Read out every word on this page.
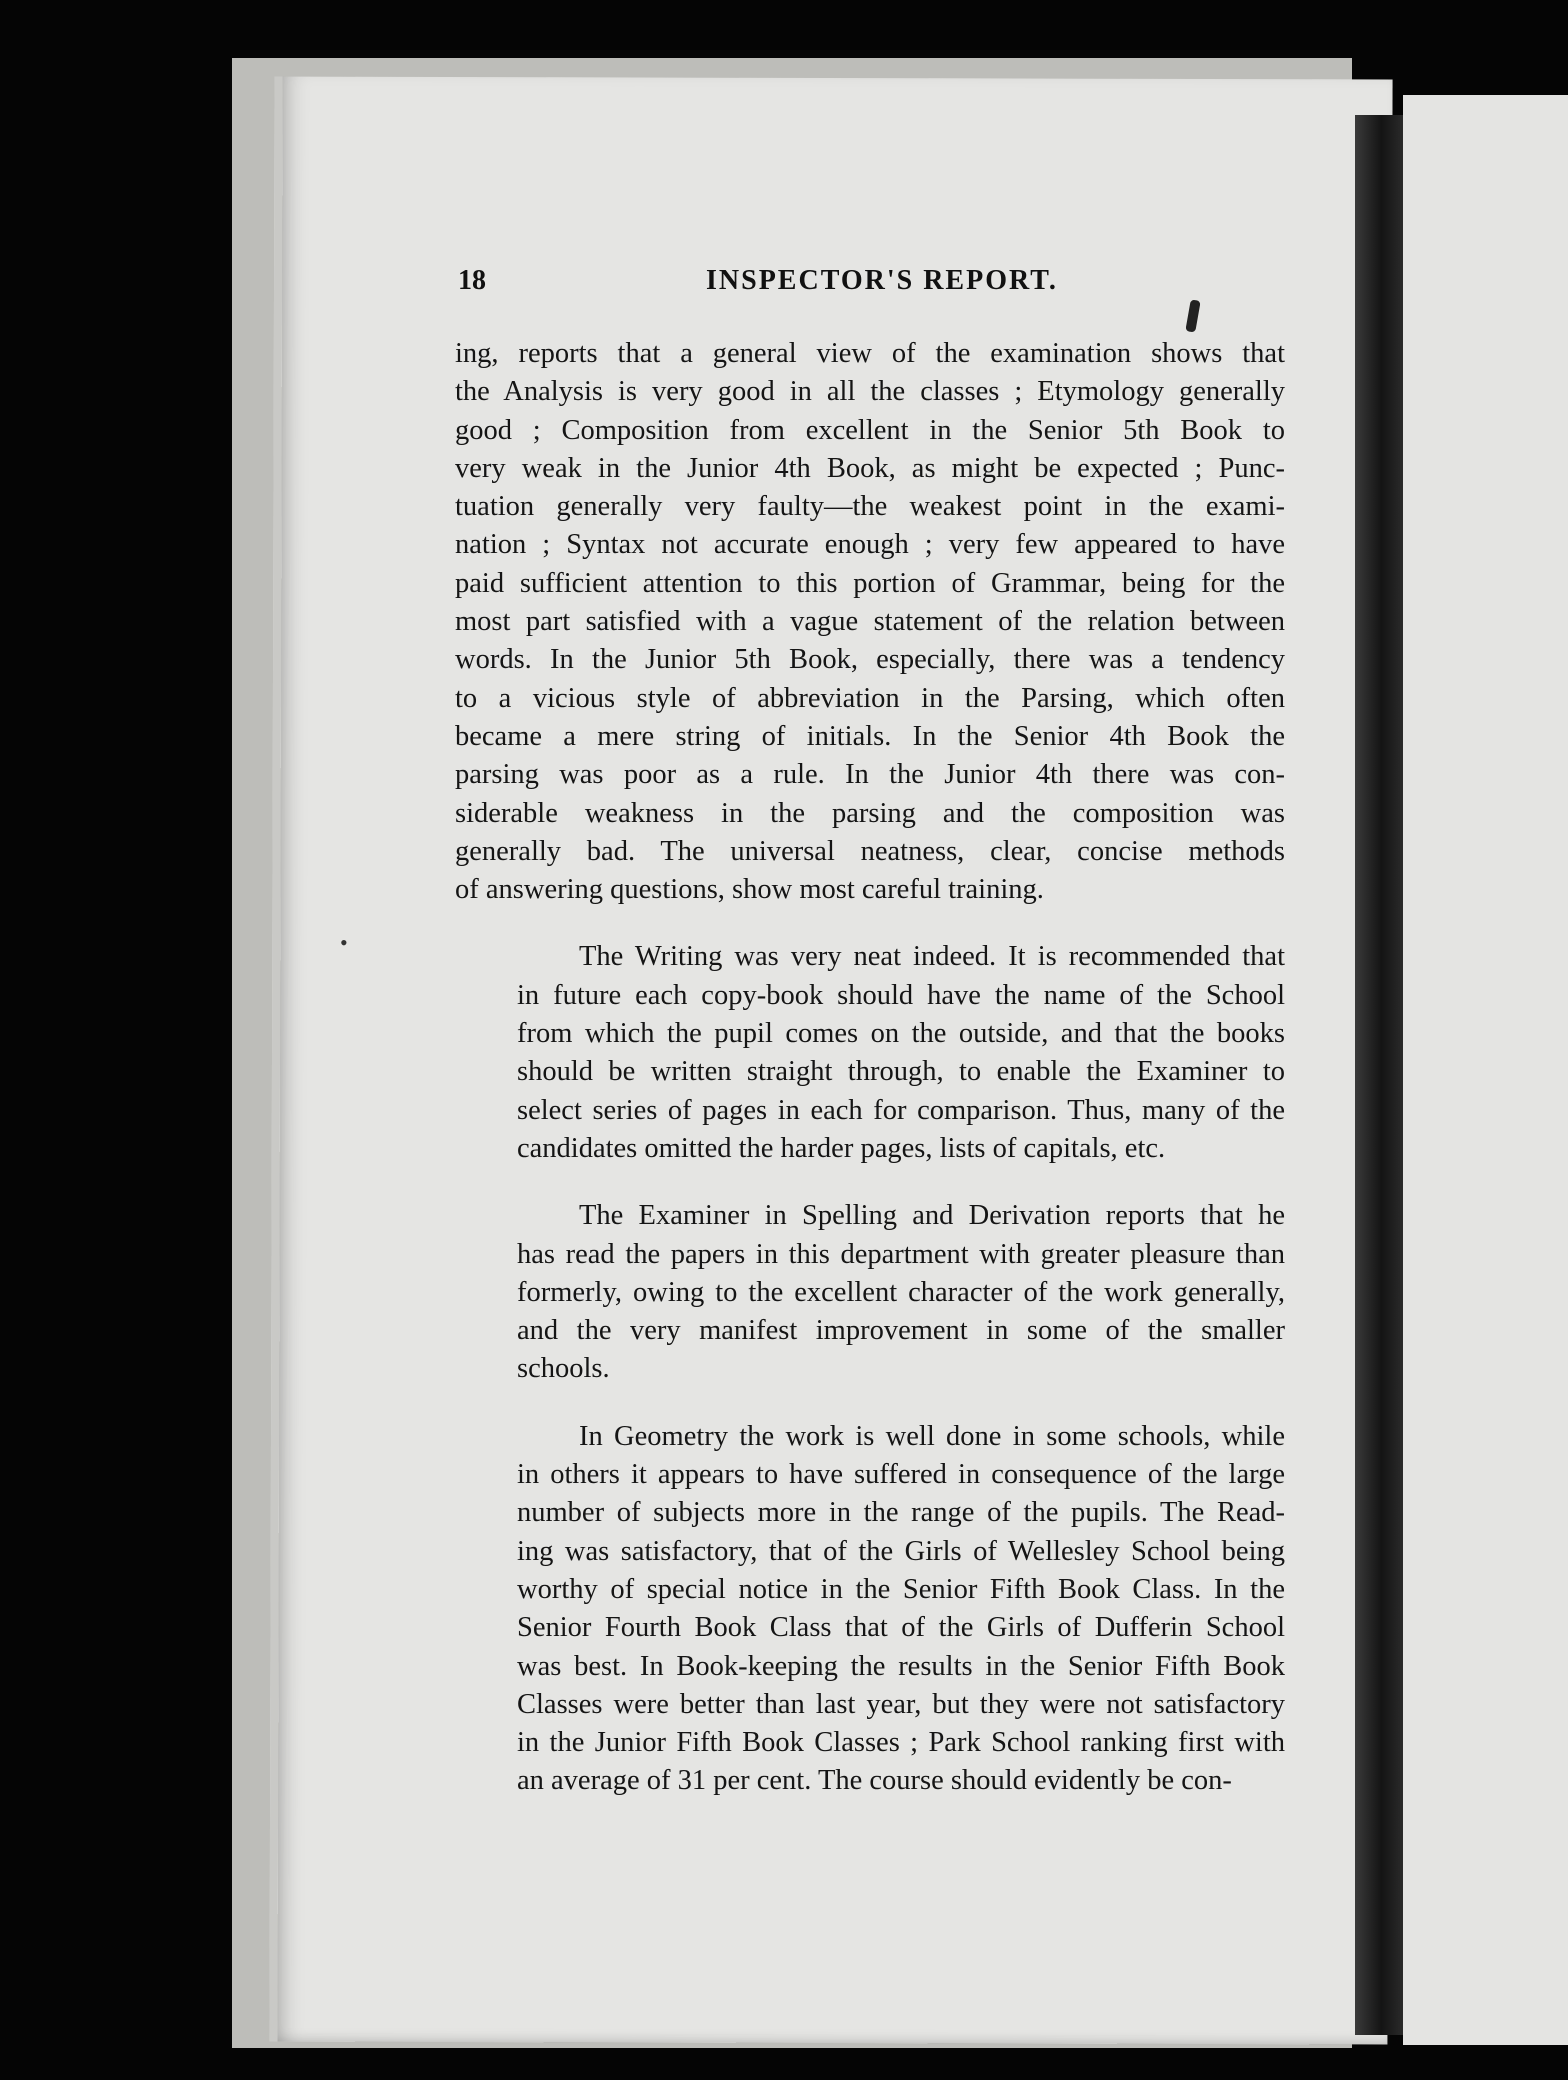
18	INSPECTOR'S REPORT.
•

ing, reports that a general view of the examination shows that
the Analysis is very good in all the classes ; Etymology generally
good ; Composition from excellent in the Senior 5th Book to
very weak in the Junior 4th Book, as might be expected ; Punc-
tuation generally very faulty—the weakest point in the exami-
nation ; Syntax not accurate enough ; very few appeared to have
paid sufficient attention to this portion of Grammar, being for the
most part satisfied with a vague statement of the relation between
words. In the Junior 5th Book, especially, there was a tendency
to a vicious style of abbreviation in the Parsing, which often
became a mere string of initials. In the Senior 4th Book the
parsing was poor as a rule. In the Junior 4th there was con-
siderable weakness in the parsing and the composition was
generally bad. The universal neatness, clear, concise methods
of answering questions, show most careful training.

The Writing was very neat indeed. It is recommended that
in future each copy-book should have the name of the School
from which the pupil comes on the outside, and that the books
should be written straight through, to enable the Examiner to
select series of pages in each for comparison. Thus, many of the
candidates omitted the harder pages, lists of capitals, etc.

The Examiner in Spelling and Derivation reports that he
has read the papers in this department with greater pleasure than
formerly, owing to the excellent character of the work generally,
and the very manifest improvement in some of the smaller
schools.

In Geometry the work is well done in some schools, while
in others it appears to have suffered in consequence of the large
number of subjects more in the range of the pupils. The Read-
ing was satisfactory, that of the Girls of Wellesley School being
worthy of special notice in the Senior Fifth Book Class. In the
Senior Fourth Book Class that of the Girls of Dufferin School
was best. In Book-keeping the results in the Senior Fifth Book
Classes were better than last year, but they were not satisfactory
in the Junior Fifth Book Classes ; Park School ranking first with
an average of 31 per cent. The course should evidently be con-
